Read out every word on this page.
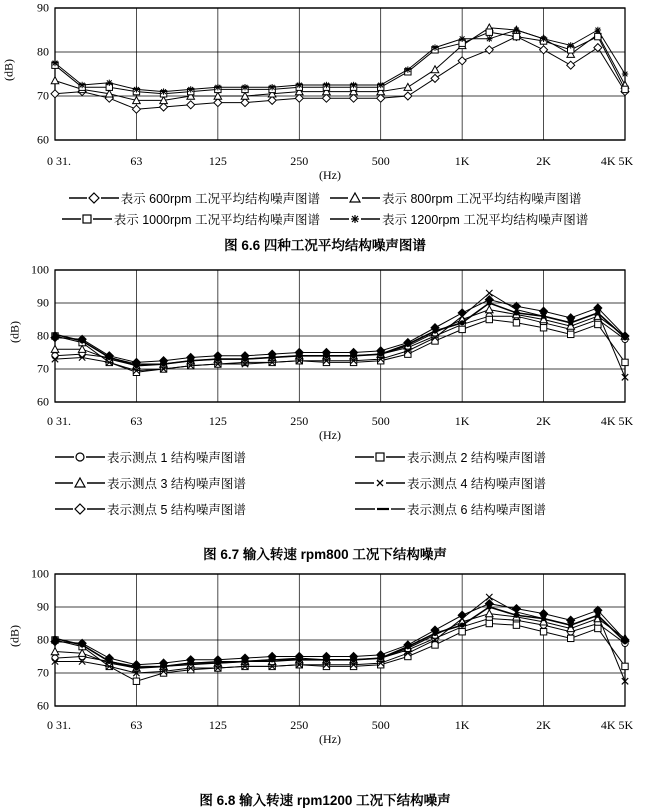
(dB)
60
70
80
90
0 31.	63	125	250	500	1K	2K	4K 5K
(Hz)
表示 600rpm 工况平均结构噪声图谱	表示 800rpm 工况平均结构噪声图谱
表示 1000rpm 工况平均结构噪声图谱	表示 1200rpm 工况平均结构噪声图谱
图 6.6 四种工况平均结构噪声图谱
(dB)
60
70
80
90
100
0 31.	63	125	250	500	1K	2K	4K 5K
(Hz)
表示测点 1 结构噪声图谱	表示测点 2 结构噪声图谱
表示测点 3 结构噪声图谱	表示测点 4 结构噪声图谱
表示测点 5 结构噪声图谱	表示测点 6 结构噪声图谱
图 6.7 输入转速 rpm800 工况下结构噪声
(dB)
60
70
80
90
100
0 31.	63	125	250	500	1K	2K	4K 5K
(Hz)
图 6.8 输入转速 rpm1200 工况下结构噪声
